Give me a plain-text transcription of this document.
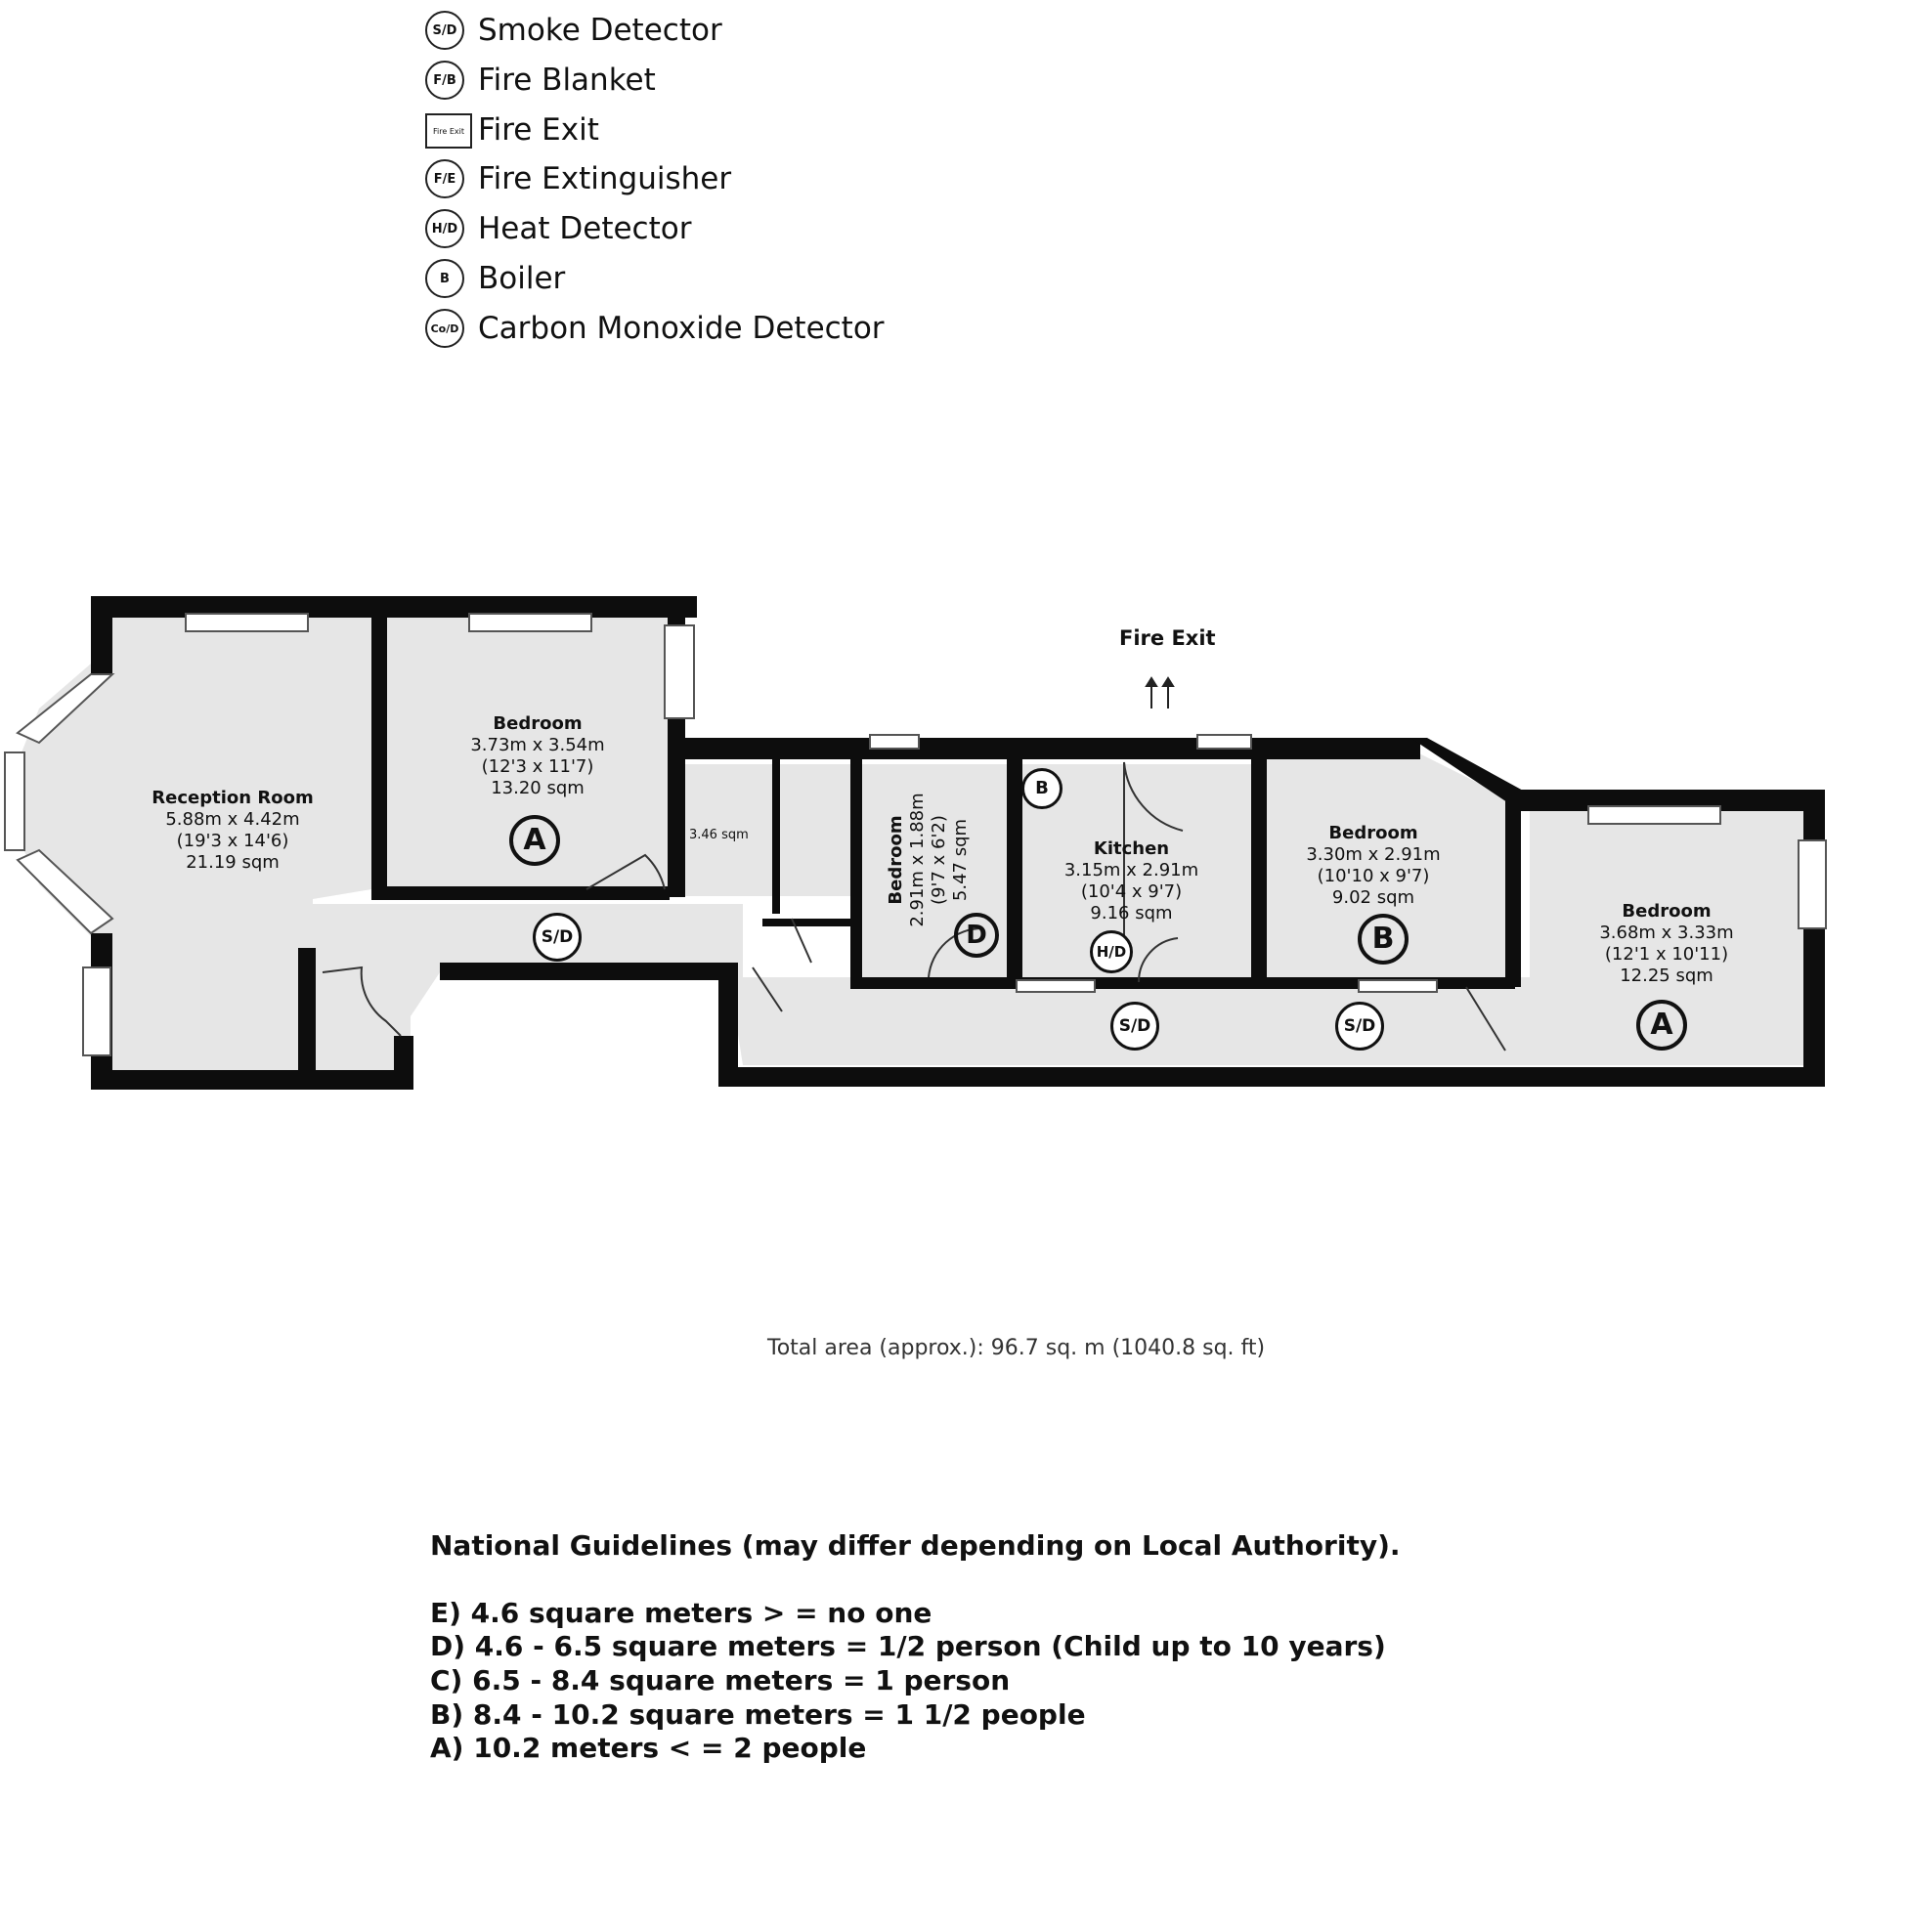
S/D Smoke Detector
F/B Fire Blanket
Fire Exit Fire Exit
F/E Fire Extinguisher
H/D Heat Detector
B Boiler
Co/D Carbon Monoxide Detector
Fire Exit
Reception Room
5.88m x 4.42m
(19'3 x 14'6)
21.19 sqm
Bedroom
3.73m x 3.54m
(12'3 x 11'7)
13.20 sqm
A	3.46 sqm	Bedroom 2.91m x 1.88m (9'7 x 6'2) 5.47 sqm
D
Kitchen
3.15m x 2.91m
(10'4 x 9'7)
9.16 sqm
Bedroom
3.30m x 2.91m
(10'10 x 9'7)
9.02 sqm
B
Bedroom
3.68m x 3.33m
(12'1 x 10'11)
12.25 sqm
A
S/D
S/D	S/D
H/D
B
Total area (approx.): 96.7 sq. m (1040.8 sq. ft)
National Guidelines (may differ depending on Local Authority).
E) 4.6 square meters > = no one
D) 4.6 - 6.5 square meters = 1/2 person (Child up to 10 years)
C) 6.5 - 8.4 square meters = 1 person
B) 8.4 - 10.2 square meters = 1 1/2 people
A) 10.2 meters < = 2 people
